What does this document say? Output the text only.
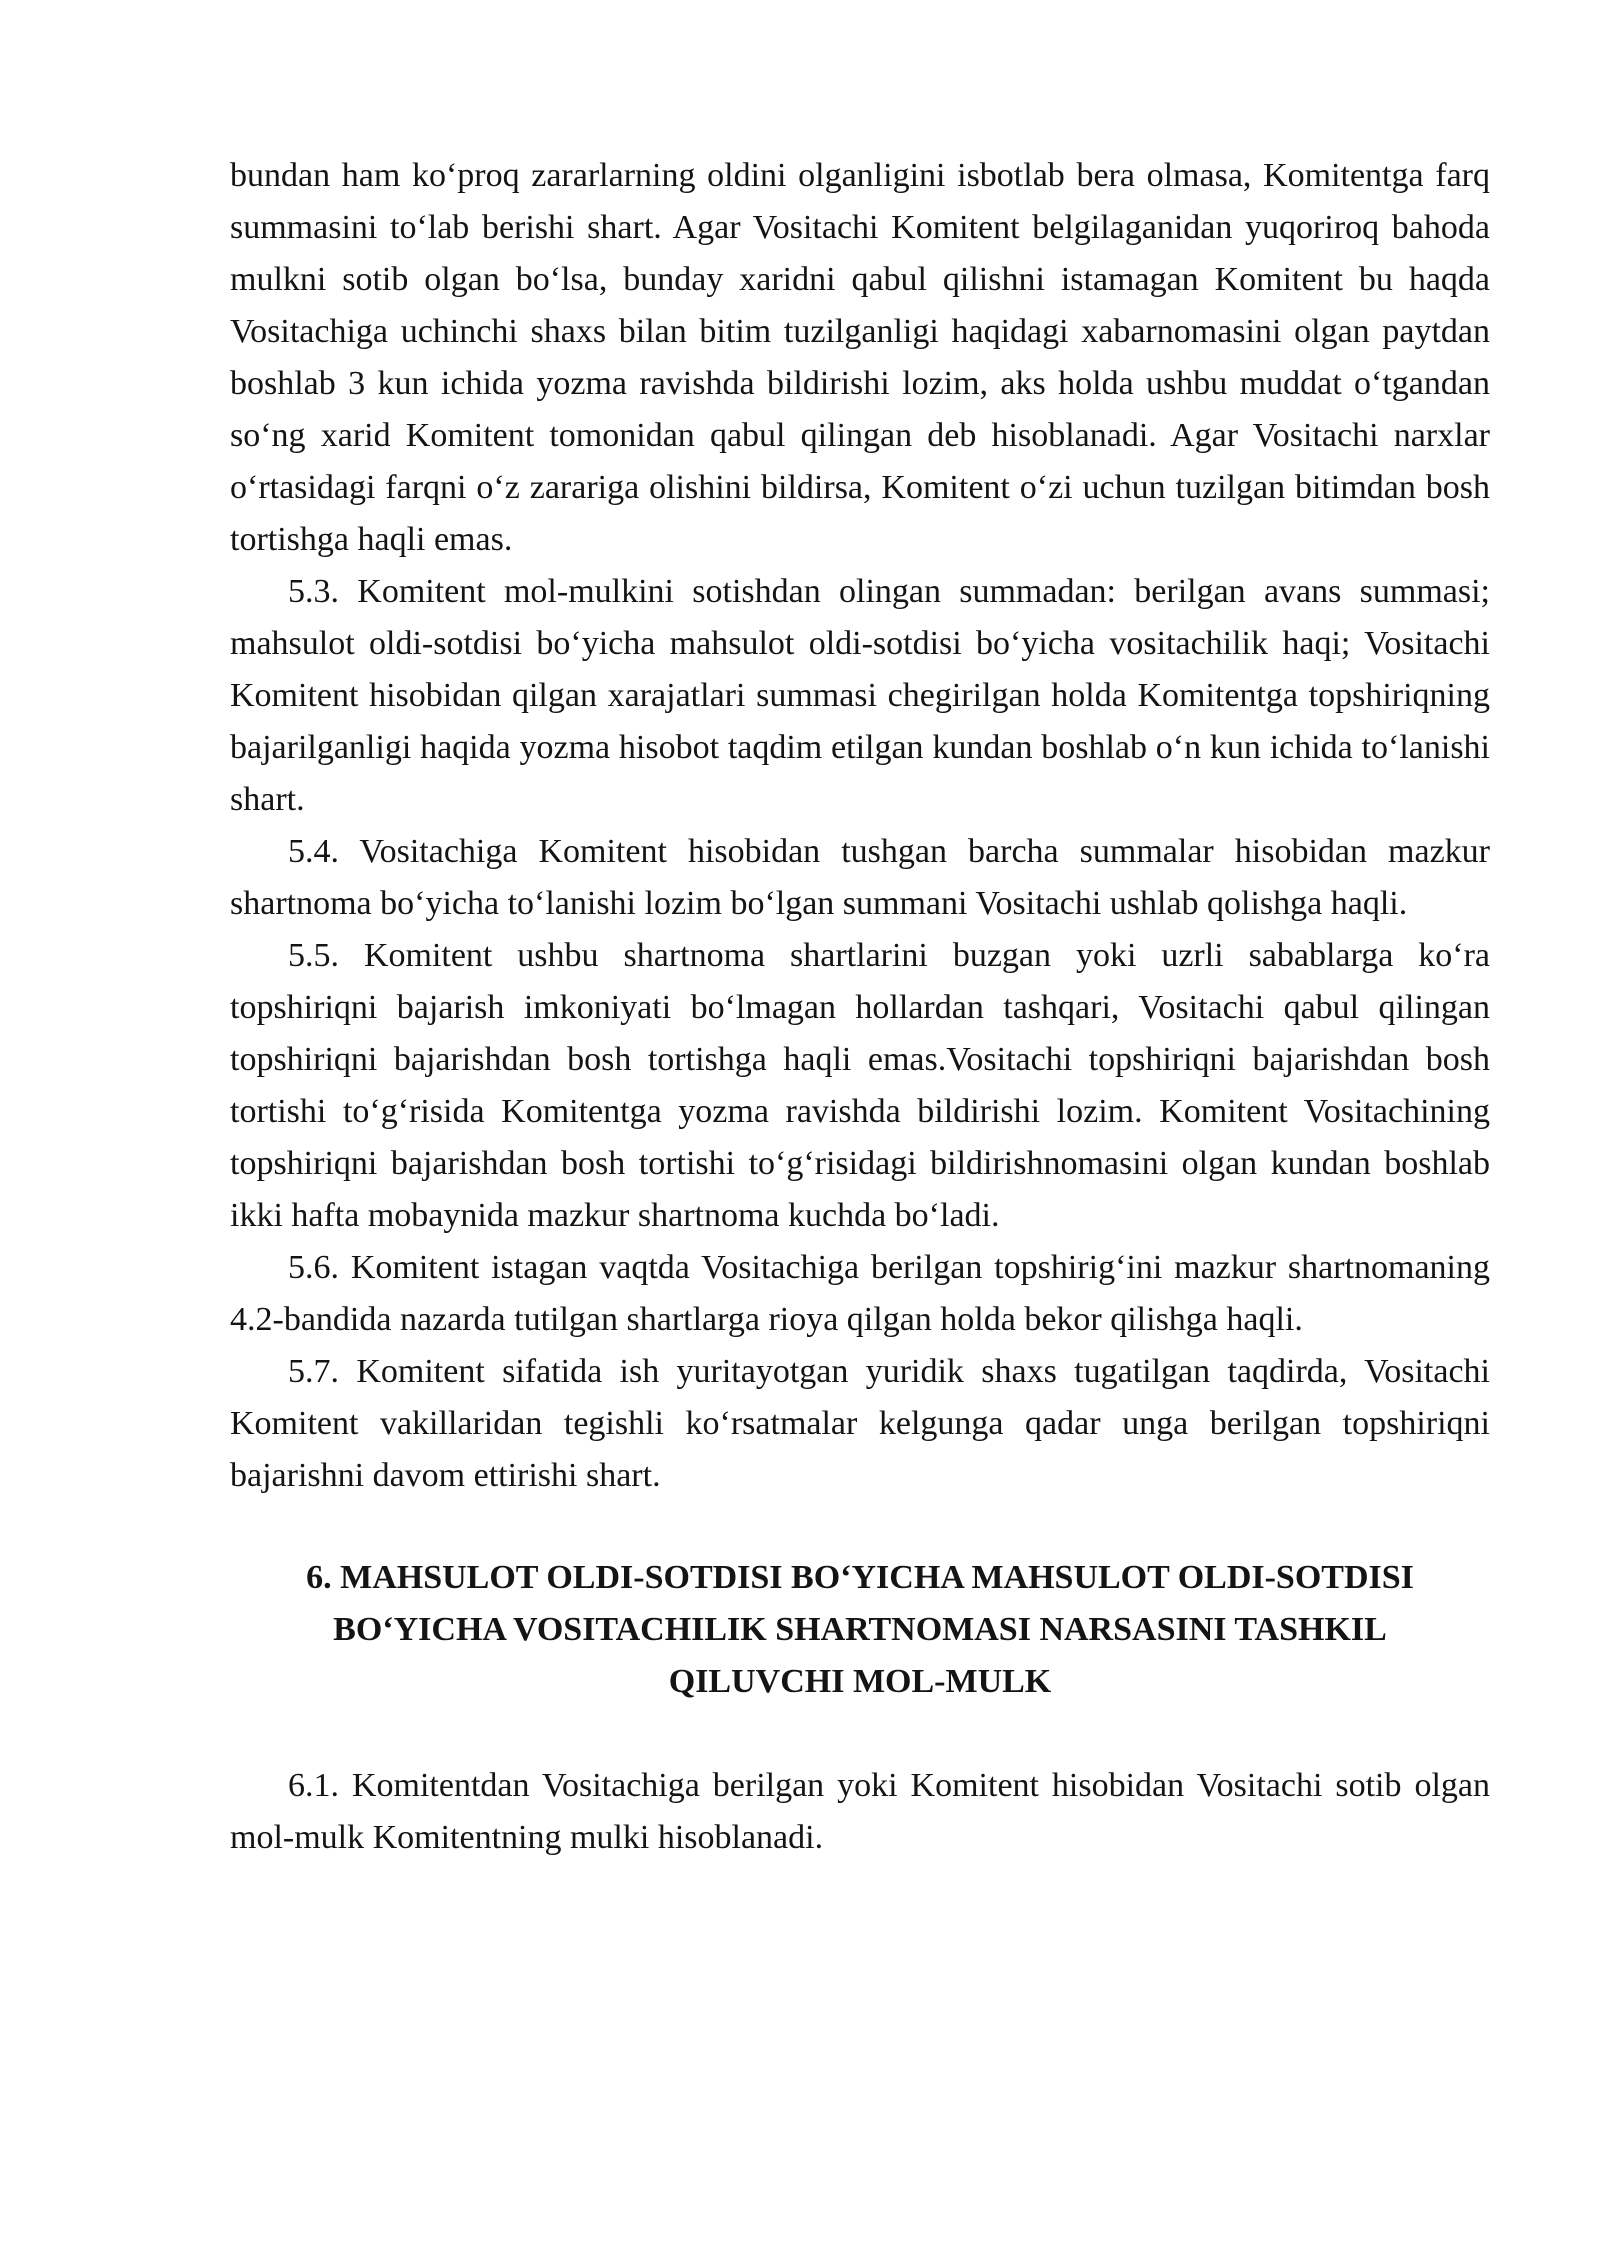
bundan ham ko‘proq zararlarning oldini olganligini isbotlab bera olmasa, Komitentga farq summasini to‘lab berishi shart. Agar Vositachi Komitent belgilaganidan yuqoriroq bahoda mulkni sotib olgan bo‘lsa, bunday xaridni qabul qilishni istamagan Komitent bu haqda Vositachiga uchinchi shaxs bilan bitim tuzilganligi haqidagi xabarnomasini olgan paytdan boshlab 3 kun ichida yozma ravishda bildirishi lozim, aks holda ushbu muddat o‘tgandan so‘ng xarid Komitent tomonidan qabul qilingan deb hisoblanadi. Agar Vositachi narxlar o‘rtasidagi farqni o‘z zarariga olishini bildirsa, Komitent o‘zi uchun tuzilgan bitimdan bosh tortishga haqli emas.

5.3. Komitent mol-mulkini sotishdan olingan summadan: berilgan avans summasi; mahsulot oldi-sotdisi bo‘yicha mahsulot oldi-sotdisi bo‘yicha vositachilik haqi; Vositachi Komitent hisobidan qilgan xarajatlari summasi chegirilgan holda Komitentga topshiriqning bajarilganligi haqida yozma hisobot taqdim etilgan kundan boshlab o‘n kun ichida to‘lanishi shart.

5.4. Vositachiga Komitent hisobidan tushgan barcha summalar hisobidan mazkur shartnoma bo‘yicha to‘lanishi lozim bo‘lgan summani Vositachi ushlab qolishga haqli.

5.5. Komitent ushbu shartnoma shartlarini buzgan yoki uzrli sabablarga ko‘ra topshiriqni bajarish imkoniyati bo‘lmagan hollardan tashqari, Vositachi qabul qilingan topshiriqni bajarishdan bosh tortishga haqli emas.Vositachi topshiriqni bajarishdan bosh tortishi to‘g‘risida Komitentga yozma ravishda bildirishi lozim. Komitent Vositachining topshiriqni bajarishdan bosh tortishi to‘g‘risidagi bildirishnomasini olgan kundan boshlab ikki hafta mobaynida mazkur shartnoma kuchda bo‘ladi.

5.6. Komitent istagan vaqtda Vositachiga berilgan topshirig‘ini mazkur shartnomaning 4.2-bandida nazarda tutilgan shartlarga rioya qilgan holda bekor qilishga haqli.

5.7. Komitent sifatida ish yuritayotgan yuridik shaxs tugatilgan taqdirda, Vositachi Komitent vakillaridan tegishli ko‘rsatmalar kelgunga qadar unga berilgan topshiriqni bajarishni davom ettirishi shart.

6. MAHSULOT OLDI-SOTDISI BO‘YICHA MAHSULOT OLDI-SOTDISI BO‘YICHA VOSITACHILIK SHARTNOMASI NARSASINI TASHKIL QILUVCHI MOL-MULK

6.1. Komitentdan Vositachiga berilgan yoki Komitent hisobidan Vositachi sotib olgan mol-mulk Komitentning mulki hisoblanadi.
